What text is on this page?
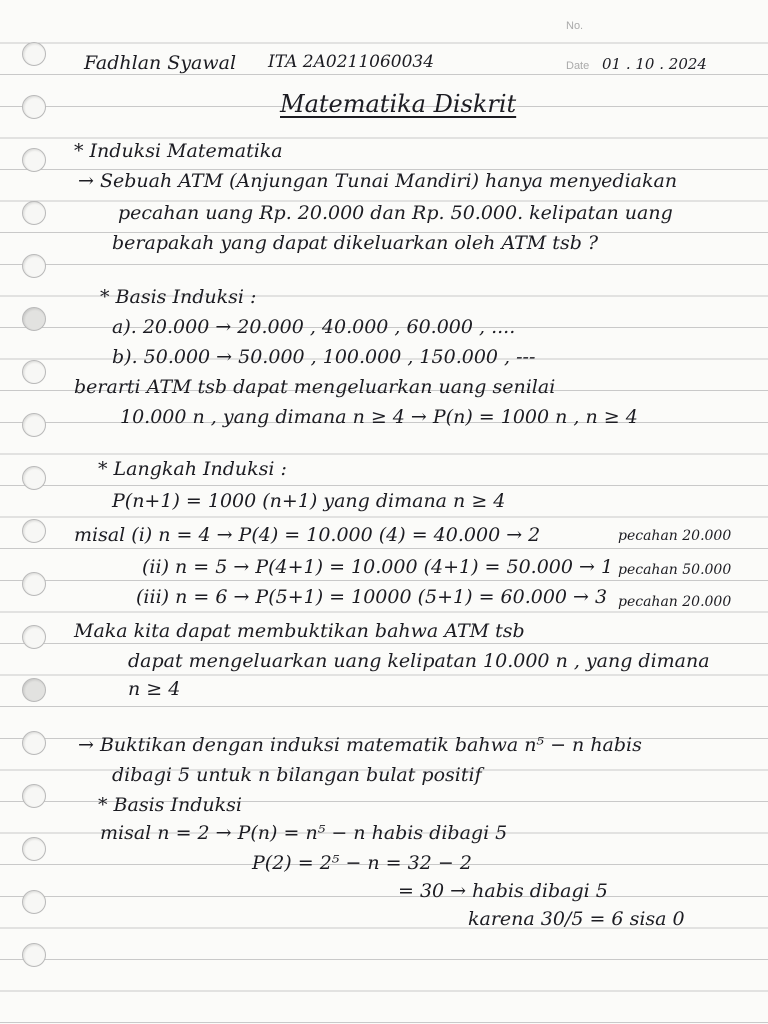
No.
Date 01 . 10 . 2024
Fadhlan Syawal ITA 2A0211060034
Matematika Diskrit
* Induksi Matematika
→ Sebuah ATM (Anjungan Tunai Mandiri) hanya menyediakan
pecahan uang Rp. 20.000 dan Rp. 50.000. kelipatan uang
berapakah yang dapat dikeluarkan oleh ATM tsb ?
* Basis Induksi :
a). 20.000 → 20.000 , 40.000 , 60.000 , ....
b). 50.000 → 50.000 , 100.000 , 150.000 , ---
berarti ATM tsb dapat mengeluarkan uang senilai
10.000 n , yang dimana n ≥ 4 → P(n) = 1000 n , n ≥ 4
* Langkah Induksi :
P(n+1) = 1000 (n+1) yang dimana n ≥ 4
misal (i) n = 4 → P(4) = 10.000 (4) = 40.000 → 2	pecahan 20.000
(ii) n = 5 → P(4+1) = 10.000 (4+1) = 50.000 → 1 pecahan 50.000
(iii) n = 6 → P(5+1) = 10000 (5+1) = 60.000 → 3 pecahan 20.000
Maka kita dapat membuktikan bahwa ATM tsb
dapat mengeluarkan uang kelipatan 10.000 n , yang dimana
n ≥ 4
→ Buktikan dengan induksi matematik bahwa n⁵ − n habis
dibagi 5 untuk n bilangan bulat positif
* Basis Induksi
misal n = 2 → P(n) = n⁵ − n habis dibagi 5
P(2) = 2⁵ − n = 32 − 2
= 30 → habis dibagi 5
karena 30/5 = 6 sisa 0
